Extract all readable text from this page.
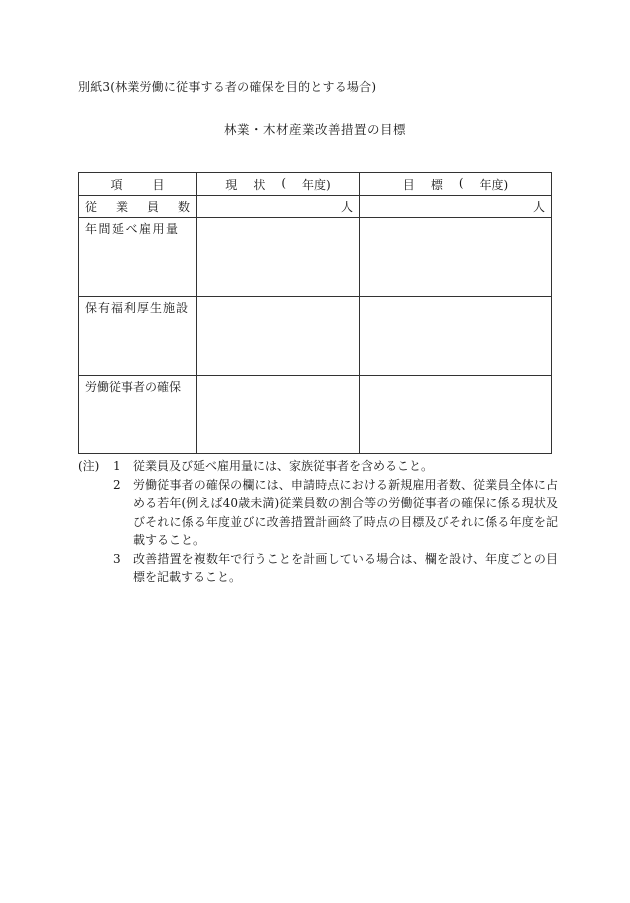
別紙3(林業労働に従事する者の確保を目的とする場合)
林業・木材産業改善措置の目標
項 目	現 状 ( 年度)	目 標 ( 年度)

従 業 員 数	人	人
年間延べ雇用量		
保有福利厚生施設		
労働従事者の確保		
(注)	1	従業員及び延べ雇用量には、家族従事者を含めること。
2	労働従事者の確保の欄には、申請時点における新規雇用者数、従業員全体に占める若年(例えば40歳未満)従業員数の割合等の労働従事者の確保に係る現状及びそれに係る年度並びに改善措置計画終了時点の目標及びそれに係る年度を記載すること。
3	改善措置を複数年で行うことを計画している場合は、欄を設け、年度ごとの目標を記載すること。
